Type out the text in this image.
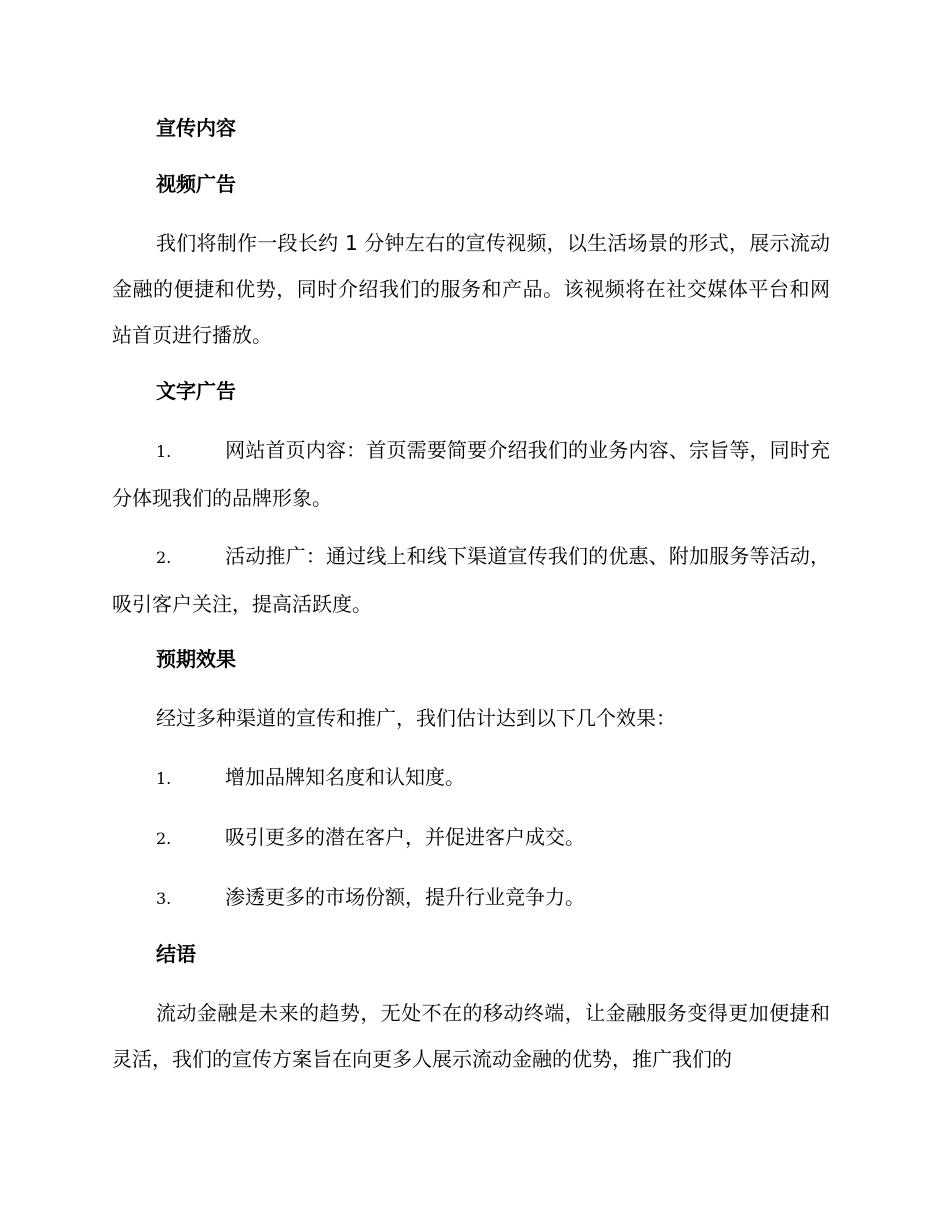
宣传内容
视频广告

我们将制作一段长约 1 分钟左右的宣传视频，以生活场景的形式，展示流动金融的便捷和优势，同时介绍我们的服务和产品。该视频将在社交媒体平台和网站首页进行播放。

文字广告
1.	网站首页内容：首页需要简要介绍我们的业务内容、宗旨等，同时充分体现我们的品牌形象。
2.	活动推广：通过线上和线下渠道宣传我们的优惠、附加服务等活动，吸引客户关注，提高活跃度。
预期效果

经过多种渠道的宣传和推广，我们估计达到以下几个效果：

1.	增加品牌知名度和认知度。
2.	吸引更多的潜在客户，并促进客户成交。
3.	渗透更多的市场份额，提升行业竞争力。
结语

流动金融是未来的趋势，无处不在的移动终端，让金融服务变得更加便捷和灵活，我们的宣传方案旨在向更多人展示流动金融的优势，推广我们的
